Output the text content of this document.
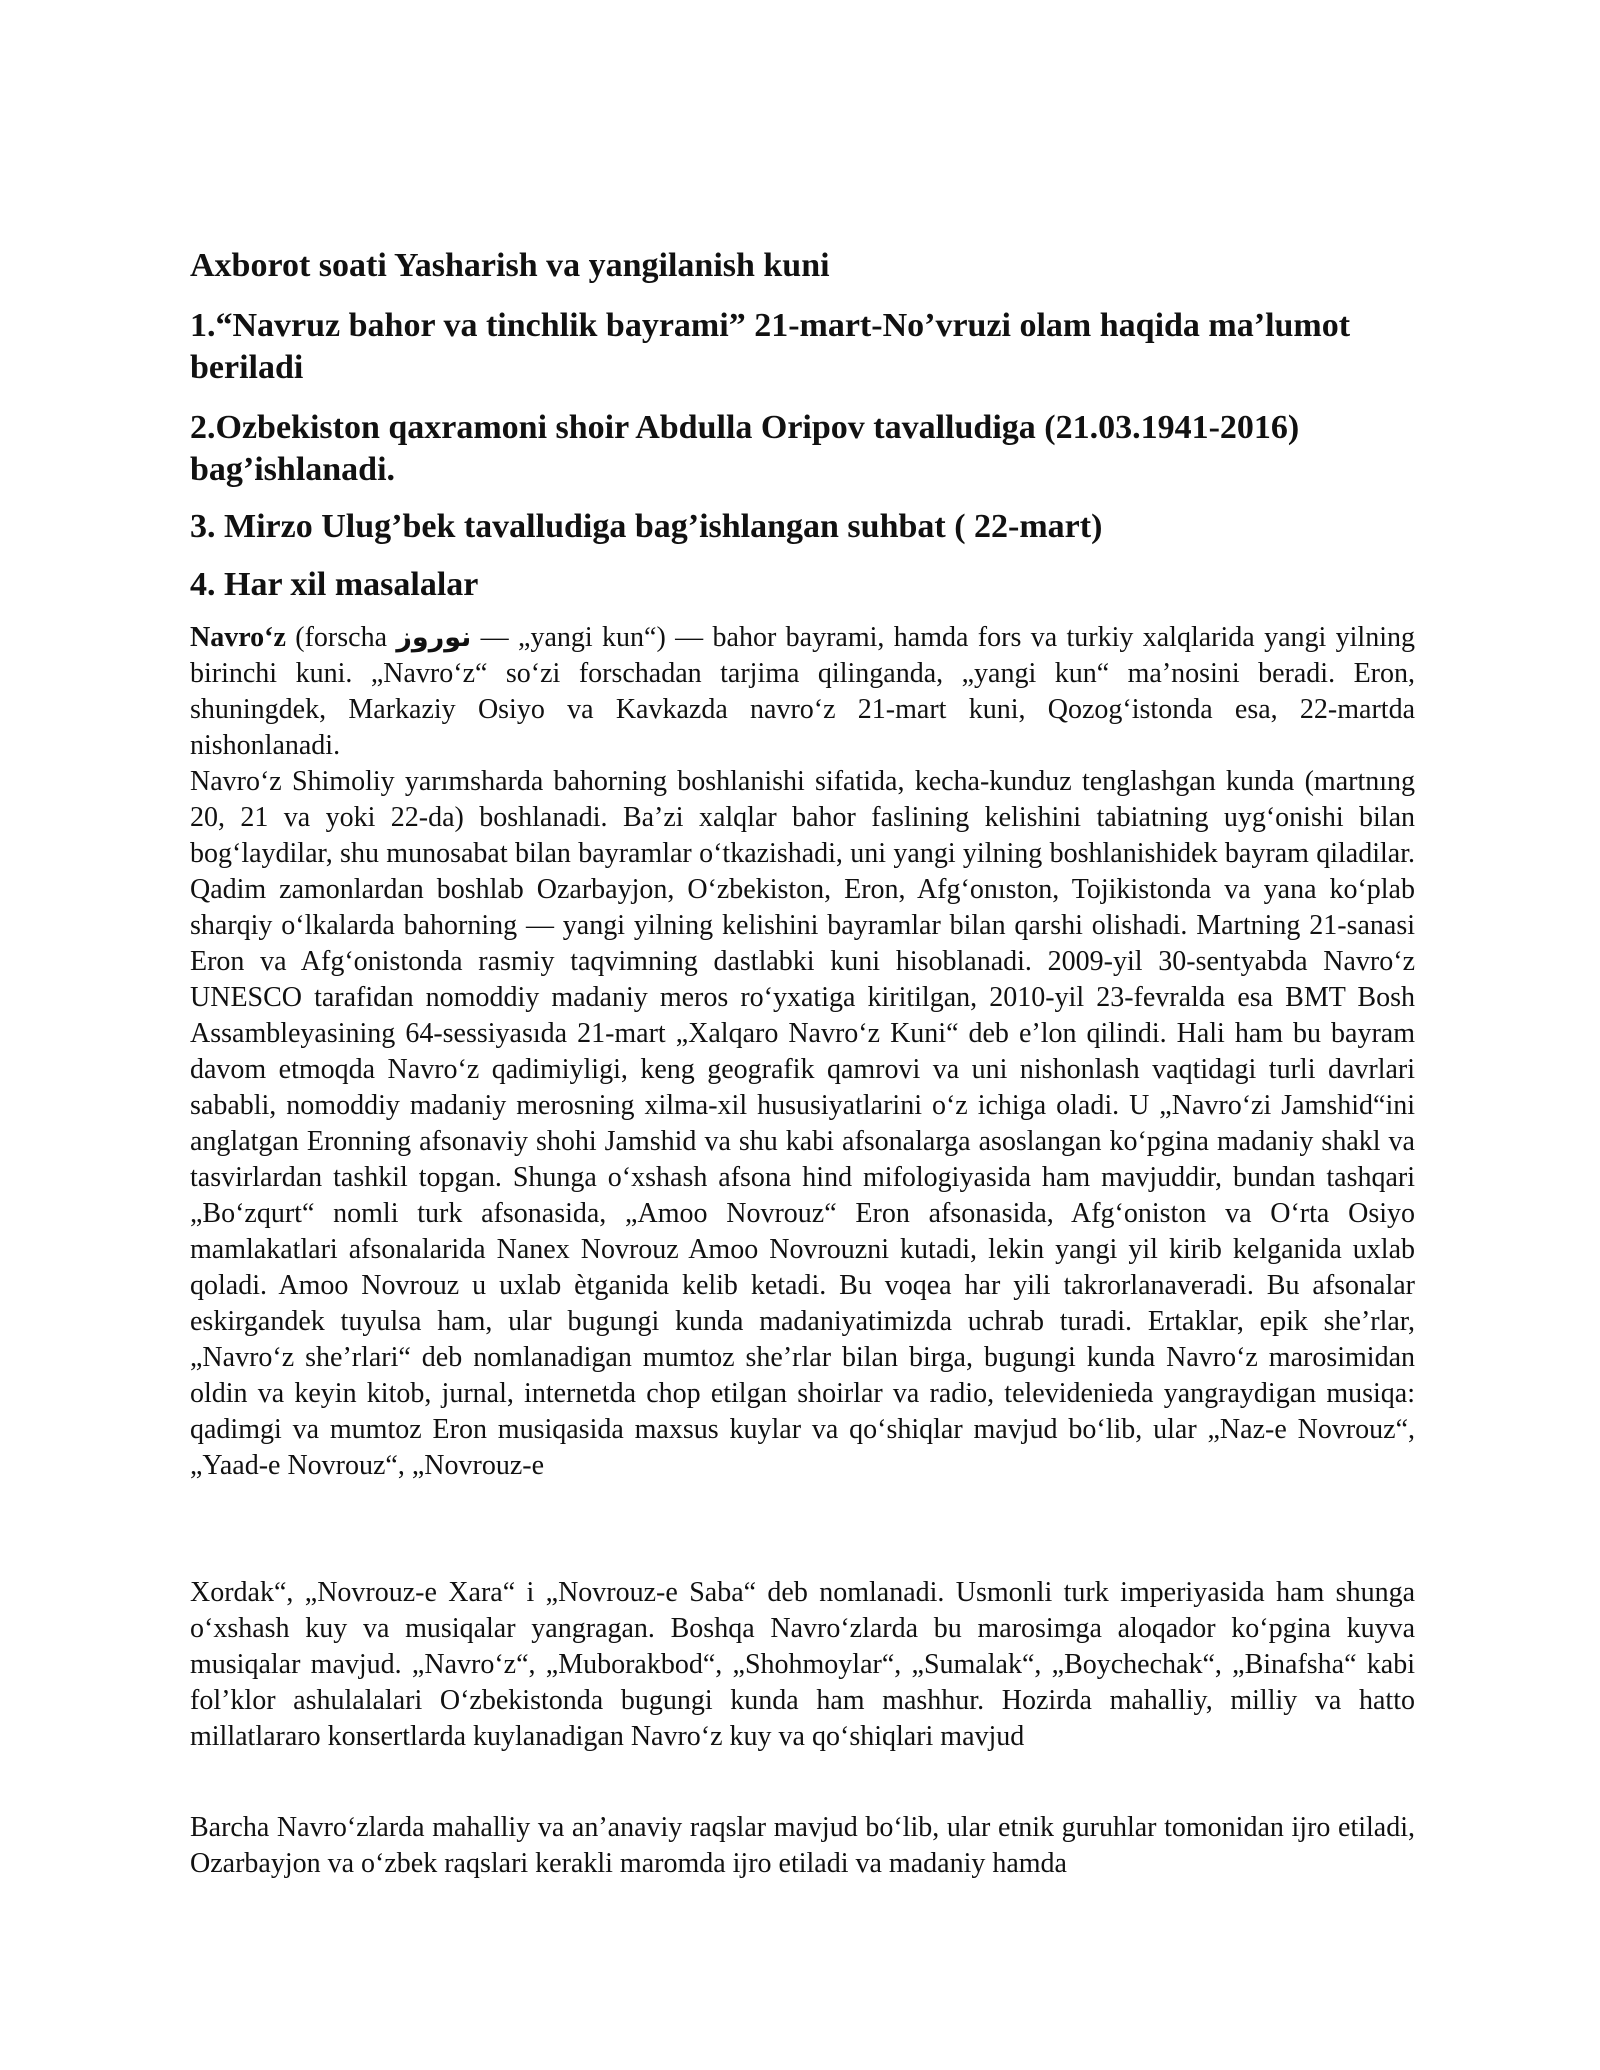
Axborot soati Yasharish va yangilanish kuni
1.“Navruz bahor va tinchlik bayrami” 21-mart-No’vruzi olam haqida ma’lumot beriladi
2.Ozbekiston qaxramoni shoir Abdulla Oripov tavalludiga (21.03.1941-2016) bag’ishlanadi.
3. Mirzo Ulug’bek tavalludiga bag’ishlangan suhbat ( 22-mart)
4. Har xil masalalar

Navro‘z (forscha نوروز — „yangi kun“) — bahor bayrami, hamda fors va turkiy xalqlarida yangi yilning birinchi kuni. „Navro‘z“ so‘zi forschadan tarjima qilinganda, „yangi kun“ ma’nosini beradi. Eron, shuningdek, Markaziy Osiyo va Kavkazda navro‘z 21-mart kuni, Qozog‘istonda esa, 22-martda nishonlanadi.

Navro‘z Shimoliy yarımsharda bahorning boshlanishi sifatida, kecha-kunduz tenglashgan kunda (martnıng 20, 21 va yoki 22-da) boshlanadi. Ba’zi xalqlar bahor faslining kelishini tabiatning uyg‘onishi bilan bog‘laydilar, shu munosabat bilan bayramlar o‘tkazishadi, uni yangi yilning boshlanishidek bayram qiladilar. Qadim zamonlardan boshlab Ozarbayjon, O‘zbekiston, Eron, Afg‘onıston, Tojikistonda va yana ko‘plab sharqiy o‘lkalarda bahorning — yangi yilning kelishini bayramlar bilan qarshi olishadi. Martning 21-sanasi Eron va Afg‘onistonda rasmiy taqvimning dastlabki kuni hisoblanadi. 2009-yil 30-sentyabda Navro‘z UNESCO tarafidan nomoddiy madaniy meros ro‘yxatiga kiritilgan, 2010-yil 23-fevralda esa BMT Bosh Assambleyasining 64-sessiyasıda 21-mart „Xalqaro Navro‘z Kuni“ deb e’lon qilindi. Hali ham bu bayram davom etmoqda Navro‘z qadimiyligi, keng geografik qamrovi va uni nishonlash vaqtidagi turli davrlari sababli, nomoddiy madaniy merosning xilma-xil hususiyatlarini o‘z ichiga oladi. U „Navro‘zi Jamshid“ini anglatgan Eronning afsonaviy shohi Jamshid va shu kabi afsonalarga asoslangan ko‘pgina madaniy shakl va tasvirlardan tashkil topgan. Shunga o‘xshash afsona hind mifologiyasida ham mavjuddir, bundan tashqari „Bo‘zqurt“ nomli turk afsonasida, „Amoo Novrouz“ Eron afsonasida, Afg‘oniston va O‘rta Osiyo mamlakatlari afsonalarida Nanex Novrouz Amoo Novrouzni kutadi, lekin yangi yil kirib kelganida uxlab qoladi. Amoo Novrouz u uxlab ètganida kelib ketadi. Bu voqea har yili takrorlanaveradi. Bu afsonalar eskirgandek tuyulsa ham, ular bugungi kunda madaniyatimizda uchrab turadi. Ertaklar, epik she’rlar, „Navro‘z she’rlari“ deb nomlanadigan mumtoz she’rlar bilan birga, bugungi kunda Navro‘z marosimidan oldin va keyin kitob, jurnal, internetda chop etilgan shoirlar va radio, televidenieda yangraydigan musiqa: qadimgi va mumtoz Eron musiqasida maxsus kuylar va qo‘shiqlar mavjud bo‘lib, ular „Naz-e Novrouz“, „Yaad-e Novrouz“, „Novrouz-e

Xordak“, „Novrouz-e Xara“ i „Novrouz-e Saba“ deb nomlanadi. Usmonli turk imperiyasida ham shunga o‘xshash kuy va musiqalar yangragan. Boshqa Navro‘zlarda bu marosimga aloqador ko‘pgina kuyva musiqalar mavjud. „Navro‘z“, „Muborakbod“, „Shohmoylar“, „Sumalak“, „Boychechak“, „Binafsha“ kabi fol’klor ashulalalari O‘zbekistonda bugungi kunda ham mashhur. Hozirda mahalliy, milliy va hatto millatlararo konsertlarda kuylanadigan Navro‘z kuy va qo‘shiqlari mavjud

Barcha Navro‘zlarda mahalliy va an’anaviy raqslar mavjud bo‘lib, ular etnik guruhlar tomonidan ijro etiladi, Ozarbayjon va o‘zbek raqslari kerakli maromda ijro etiladi va madaniy hamda
